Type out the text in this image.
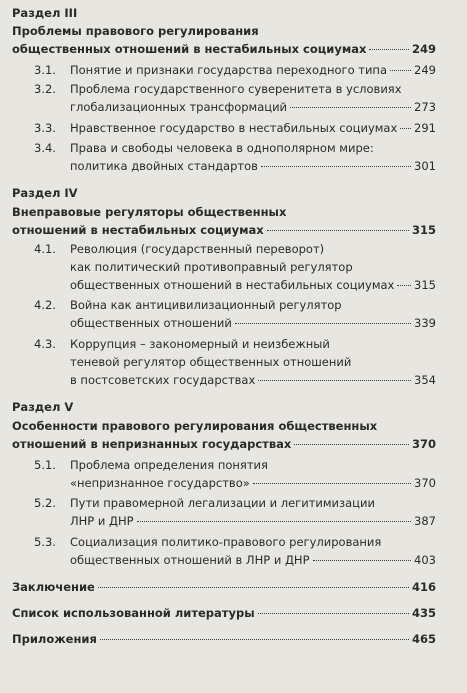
Раздел III
Проблемы правового регулирования
общественных отношений в нестабильных социумах	249
3.1. Понятие и признаки государства переходного типа 249
3.2. Проблема государственного суверенитета в условиях
глобализационных трансформаций	273
3.3. Нравственное государство в нестабильных социумах 291
3.4. Права и свободы человека в однополярном мире:
политика двойных стандартов	301
Раздел IV
Внеправовые регуляторы общественных
отношений в нестабильных социумах	315
4.1. Революция (государственный переворот)
как политический противоправный регулятор
общественных отношений в нестабильных социумах 315
4.2. Война как антицивилизационный регулятор
общественных отношений	339
4.3. Коррупция – закономерный и неизбежный
теневой регулятор общественных отношений
в постсоветских государствах	354
Раздел V
Особенности правового регулирования общественных
отношений в непризнанных государствах	370
5.1. Проблема определения понятия
«непризнанное государство»	370
5.2. Пути правомерной легализации и легитимизации
ЛНР и ДНР	387
5.3. Социализация политико-правового регулирования
общественных отношений в ЛНР и ДНР	403
Заключение	416
Список использованной литературы	435
Приложения	465
